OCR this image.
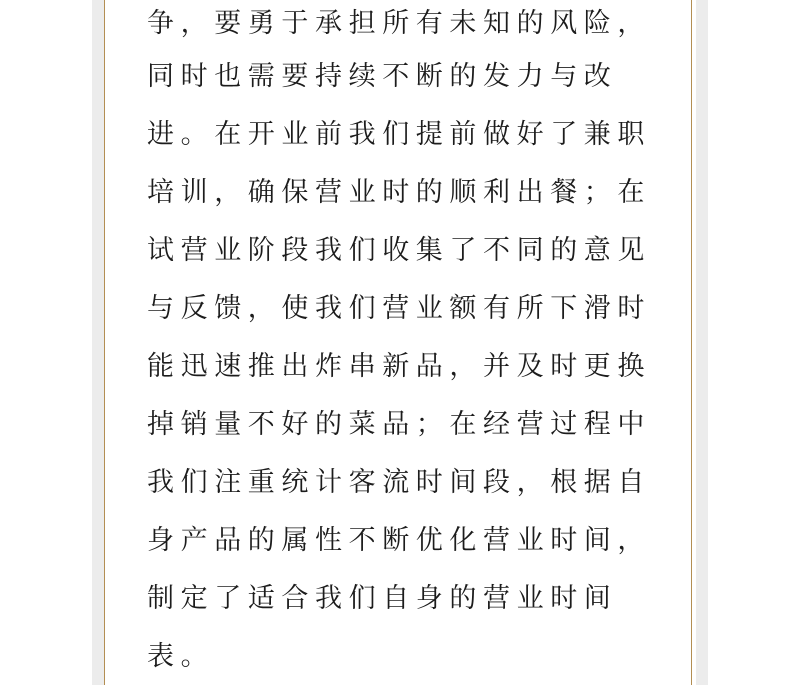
争，要勇于承担所有未知的风险，
同时也需要持续不断的发力与改
进。在开业前我们提前做好了兼职
培训，确保营业时的顺利出餐；在
试营业阶段我们收集了不同的意见
与反馈，使我们营业额有所下滑时
能迅速推出炸串新品，并及时更换
掉销量不好的菜品；在经营过程中
我们注重统计客流时间段，根据自
身产品的属性不断优化营业时间，
制定了适合我们自身的营业时间
表。
